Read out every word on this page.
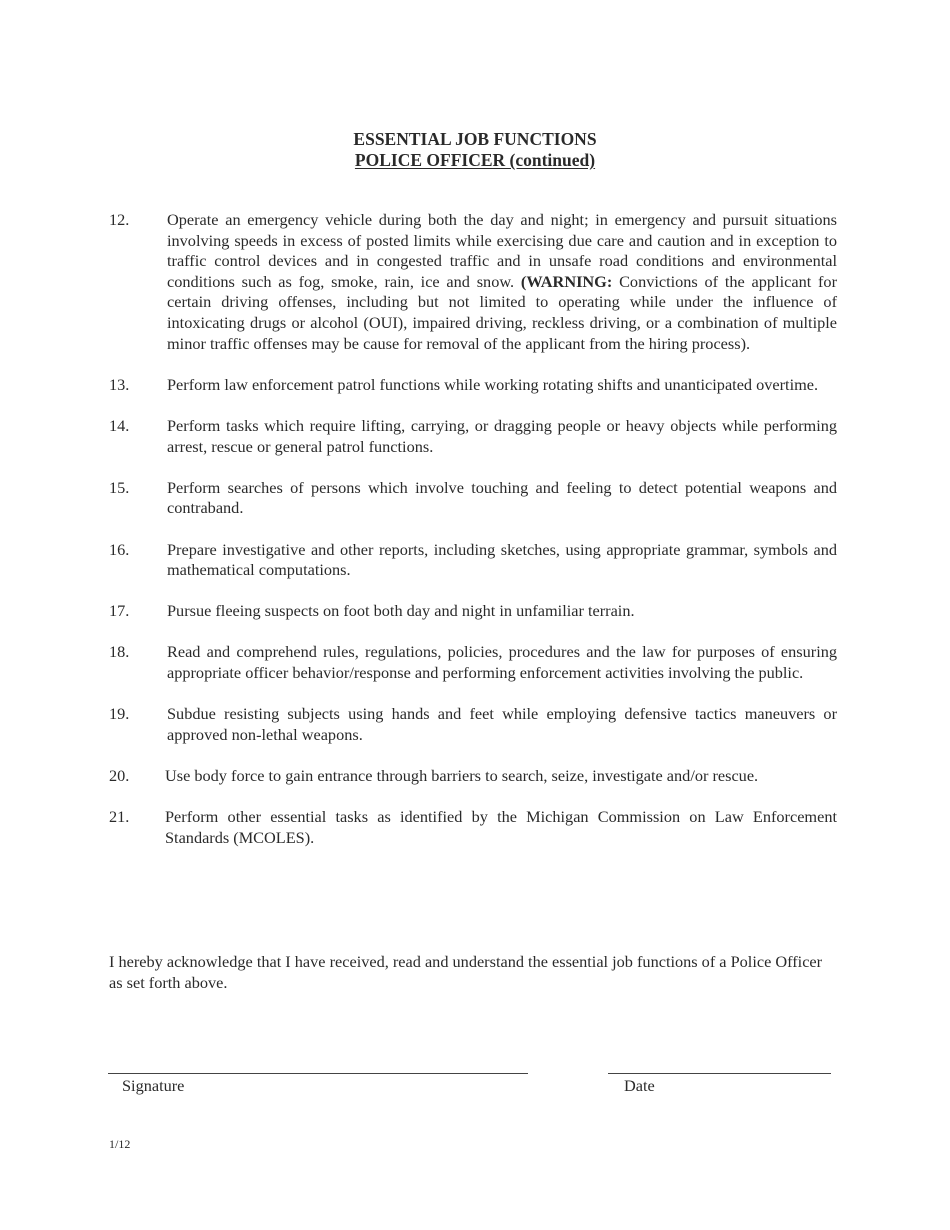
ESSENTIAL JOB FUNCTIONS
POLICE OFFICER (continued)
12.	Operate an emergency vehicle during both the day and night; in emergency and pursuit situations involving speeds in excess of posted limits while exercising due care and caution and in exception to traffic control devices and in congested traffic and in unsafe road conditions and environmental conditions such as fog, smoke, rain, ice and snow. (WARNING: Convictions of the applicant for certain driving offenses, including but not limited to operating while under the influence of intoxicating drugs or alcohol (OUI), impaired driving, reckless driving, or a combination of multiple minor traffic offenses may be cause for removal of the applicant from the hiring process).
13.	Perform law enforcement patrol functions while working rotating shifts and unanticipated overtime.
14.	Perform tasks which require lifting, carrying, or dragging people or heavy objects while performing arrest, rescue or general patrol functions.
15.	Perform searches of persons which involve touching and feeling to detect potential weapons and contraband.
16.	Prepare investigative and other reports, including sketches, using appropriate grammar, symbols and mathematical computations.
17.	Pursue fleeing suspects on foot both day and night in unfamiliar terrain.
18.	Read and comprehend rules, regulations, policies, procedures and the law for purposes of ensuring appropriate officer behavior/response and performing enforcement activities involving the public.
19.	Subdue resisting subjects using hands and feet while employing defensive tactics maneuvers or approved non-lethal weapons.
20.	Use body force to gain entrance through barriers to search, seize, investigate and/or rescue.
21.	Perform other essential tasks as identified by the Michigan Commission on Law Enforcement Standards (MCOLES).
I hereby acknowledge that I have received, read and understand the essential job functions of a Police Officer as set forth above.
Signature	Date
1/12
